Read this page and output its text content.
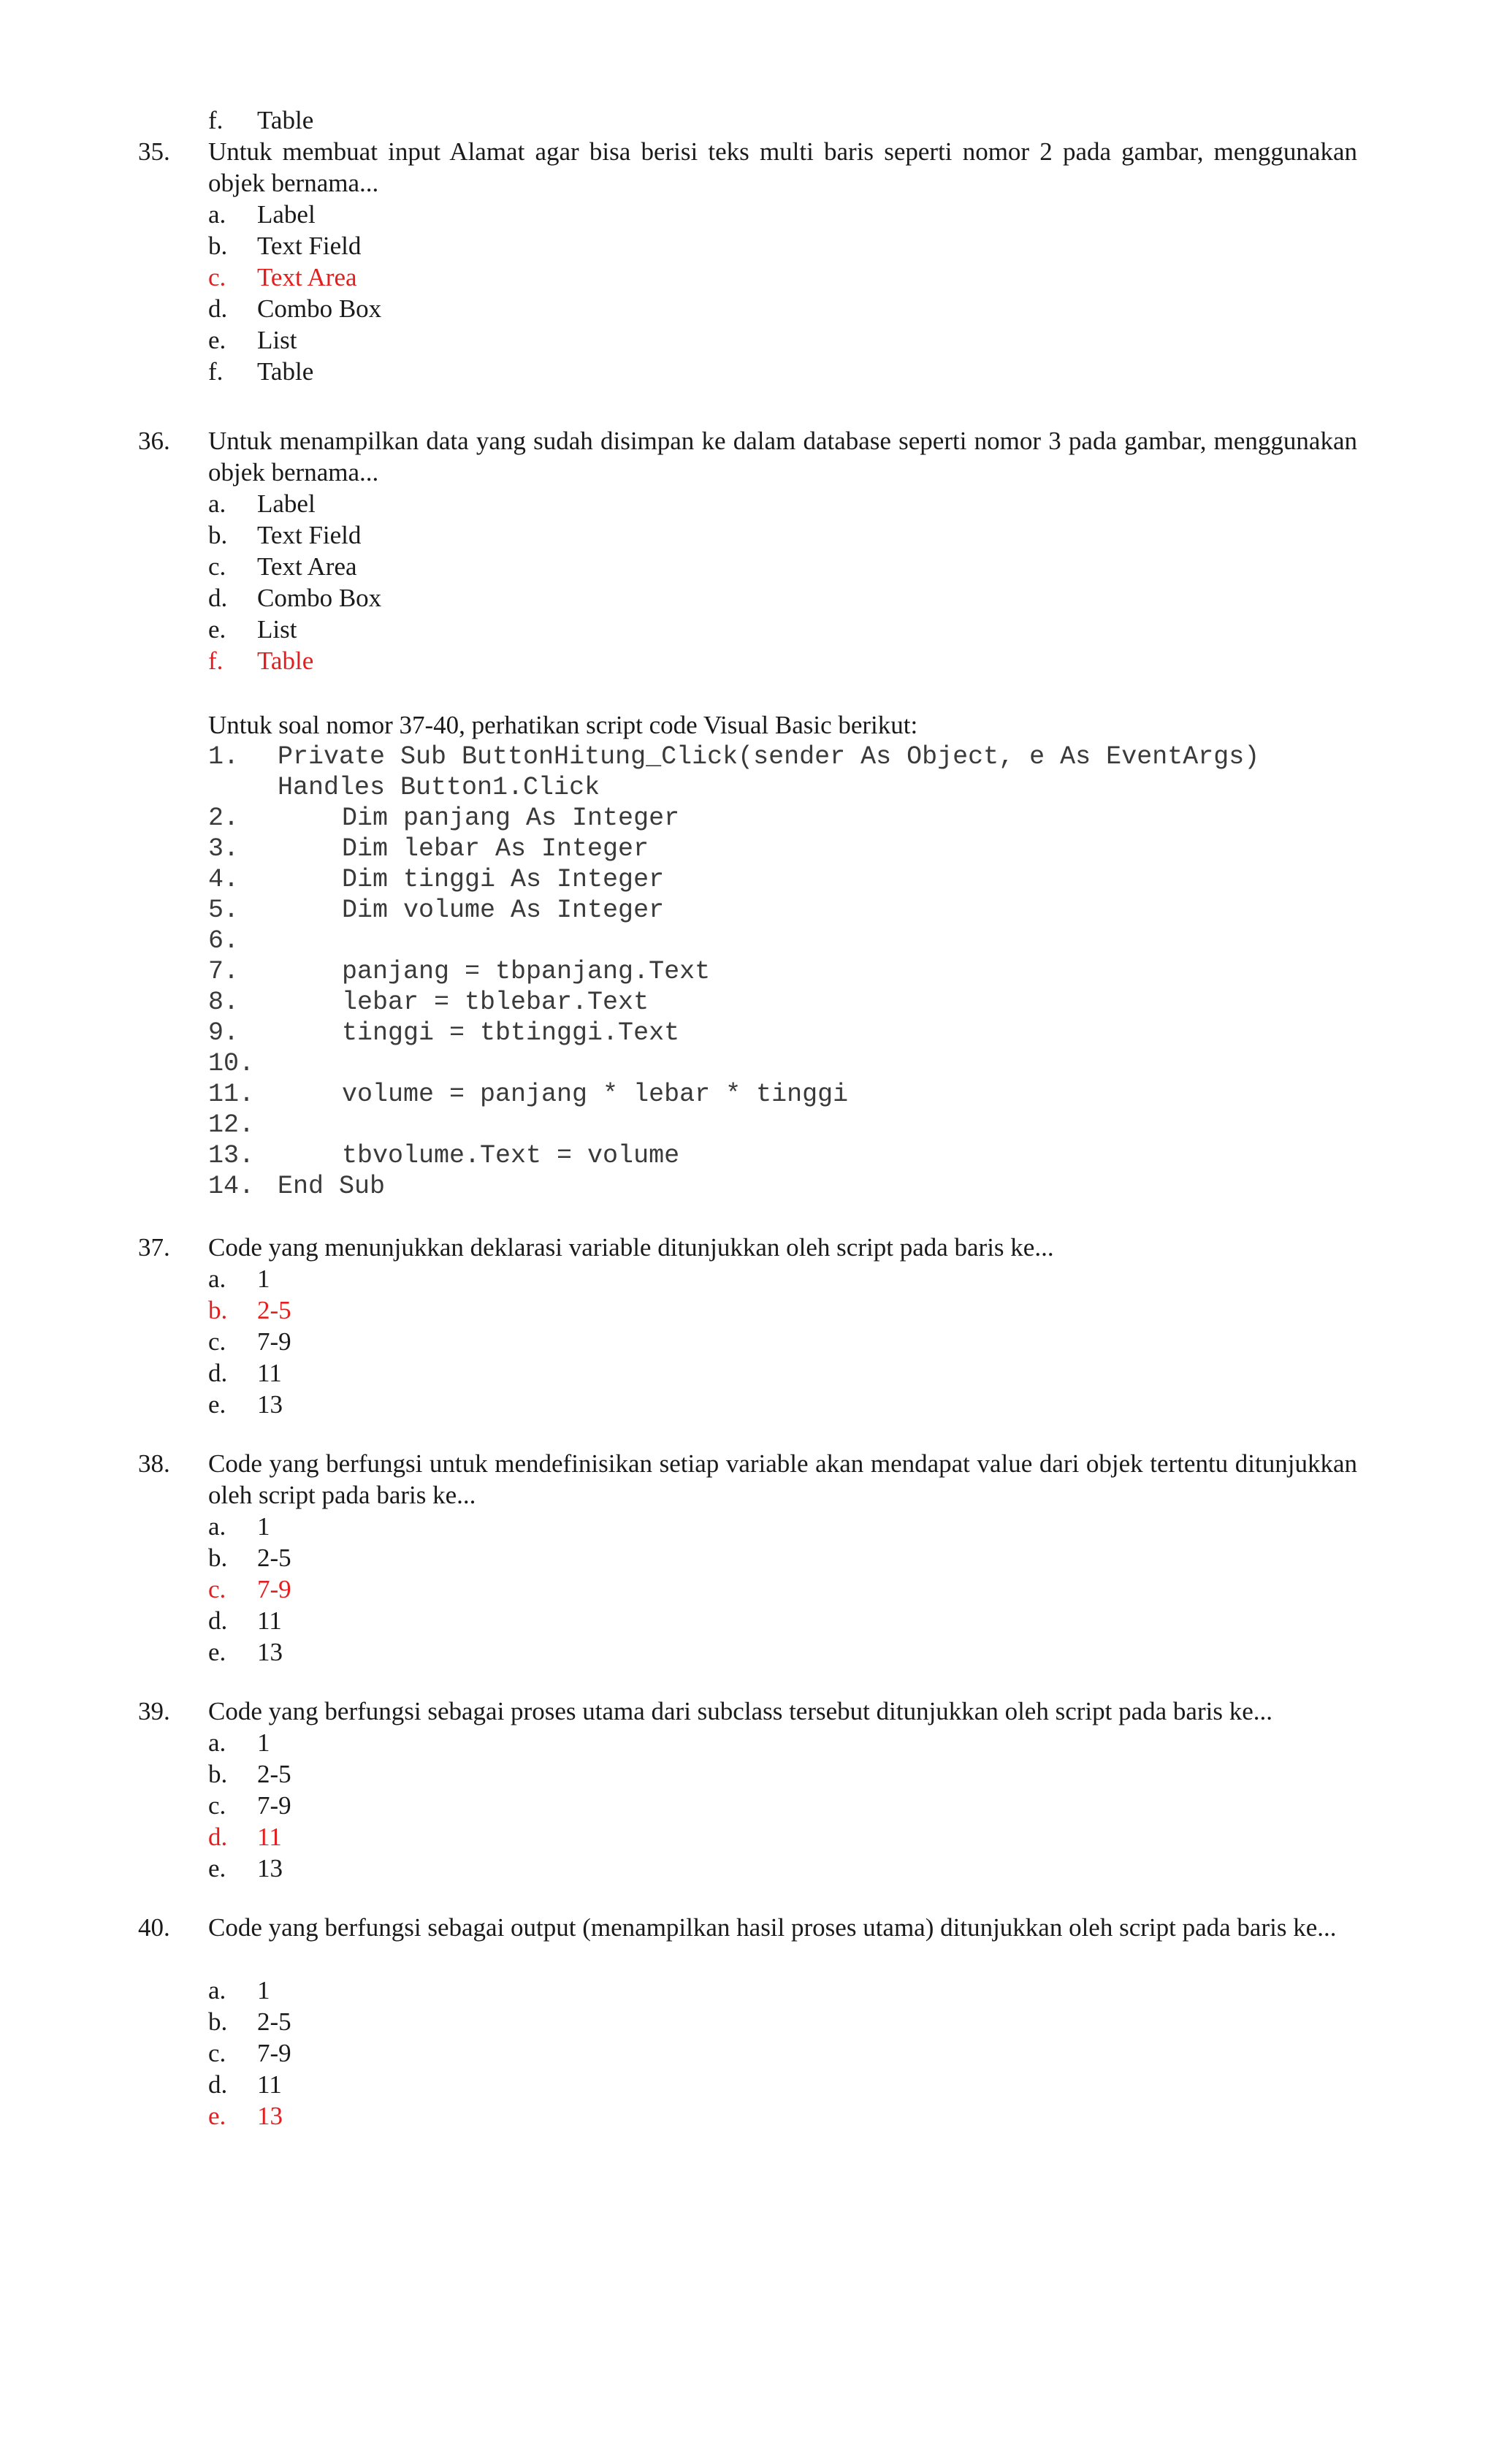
f. Table
35. Untuk membuat input Alamat agar bisa berisi teks multi baris seperti nomor 2 pada gambar, menggunakan objek bernama...
a. Label
b. Text Field
c. Text Area
d. Combo Box
e. List
f. Table
36. Untuk menampilkan data yang sudah disimpan ke dalam database seperti nomor 3 pada gambar, menggunakan objek bernama...
a. Label
b. Text Field
c. Text Area
d. Combo Box
e. List
f. Table
Untuk soal nomor 37-40, perhatikan script code Visual Basic berikut:
1. Private Sub ButtonHitung_Click(sender As Object, e As EventArgs)
Handles Button1.Click
2.	Dim panjang As Integer
3.	Dim lebar As Integer
4.	Dim tinggi As Integer
5.	Dim volume As Integer
6.
7.	panjang = tbpanjang.Text
8.	lebar = tblebar.Text
9.	tinggi = tbtinggi.Text
10.
11.	volume = panjang * lebar * tinggi
12.
13.	tbvolume.Text = volume
14. End Sub
37. Code yang menunjukkan deklarasi variable ditunjukkan oleh script pada baris ke...
a. 1
b. 2-5
c. 7-9
d. 11
e. 13
38. Code yang berfungsi untuk mendefinisikan setiap variable akan mendapat value dari objek tertentu ditunjukkan oleh script pada baris ke...
a. 1
b. 2-5
c. 7-9
d. 11
e. 13
39. Code yang berfungsi sebagai proses utama dari subclass tersebut ditunjukkan oleh script pada baris ke...
a. 1
b. 2-5
c. 7-9
d. 11
e. 13
40. Code yang berfungsi sebagai output (menampilkan hasil proses utama) ditunjukkan oleh script pada baris ke...
a. 1
b. 2-5
c. 7-9
d. 11
e. 13
